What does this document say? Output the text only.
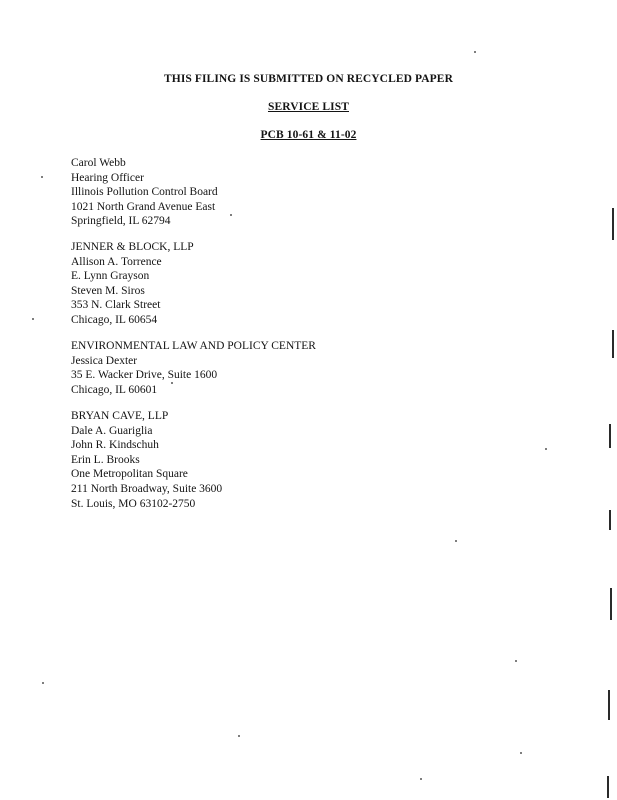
THIS FILING IS SUBMITTED ON RECYCLED PAPER
SERVICE LIST
PCB 10-61 & 11-02
Carol Webb
Hearing Officer
Illinois Pollution Control Board
1021 North Grand Avenue East
Springfield, IL 62794
JENNER & BLOCK, LLP
Allison A. Torrence
E. Lynn Grayson
Steven M. Siros
353 N. Clark Street
Chicago, IL 60654
ENVIRONMENTAL LAW AND POLICY CENTER
Jessica Dexter
35 E. Wacker Drive, Suite 1600
Chicago, IL 60601
BRYAN CAVE, LLP
Dale A. Guariglia
John R. Kindschuh
Erin L. Brooks
One Metropolitan Square
211 North Broadway, Suite 3600
St. Louis, MO 63102-2750
